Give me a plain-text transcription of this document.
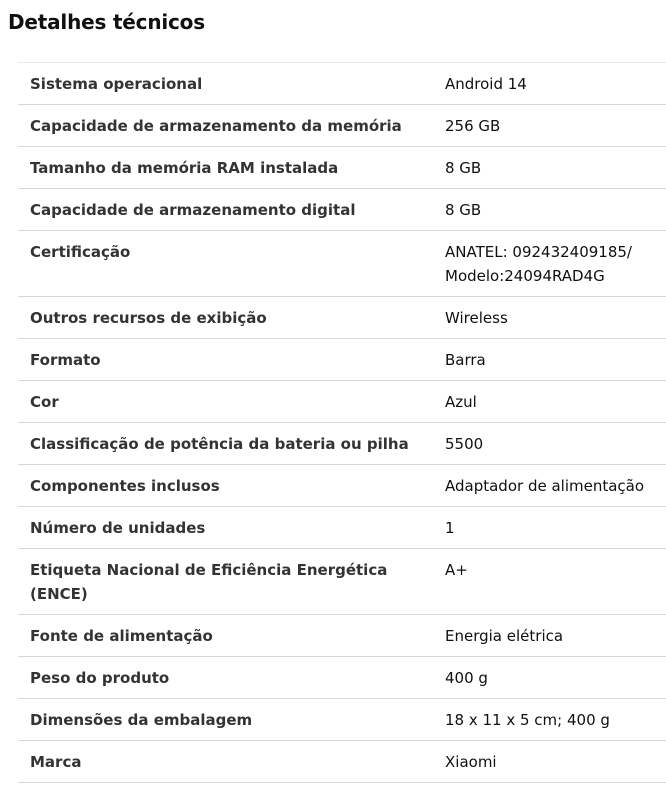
Detalhes técnicos
Sistema operacional	Android 14
Capacidade de armazenamento da memória	256 GB
Tamanho da memória RAM instalada	8 GB
Capacidade de armazenamento digital	8 GB
Certificação	ANATEL: 092432409185/
Modelo:24094RAD4G

Outros recursos de exibição	Wireless
Formato	Barra
Cor	Azul
Classificação de potência da bateria ou pilha	5500
Componentes inclusos	Adaptador de alimentação
Número de unidades	1

Etiqueta Nacional de Eficiência Energética
(ENCE)	A+
Fonte de alimentação	Energia elétrica
Peso do produto	400 g
Dimensões da embalagem	18 x 11 x 5 cm; 400 g
Marca	Xiaomi
